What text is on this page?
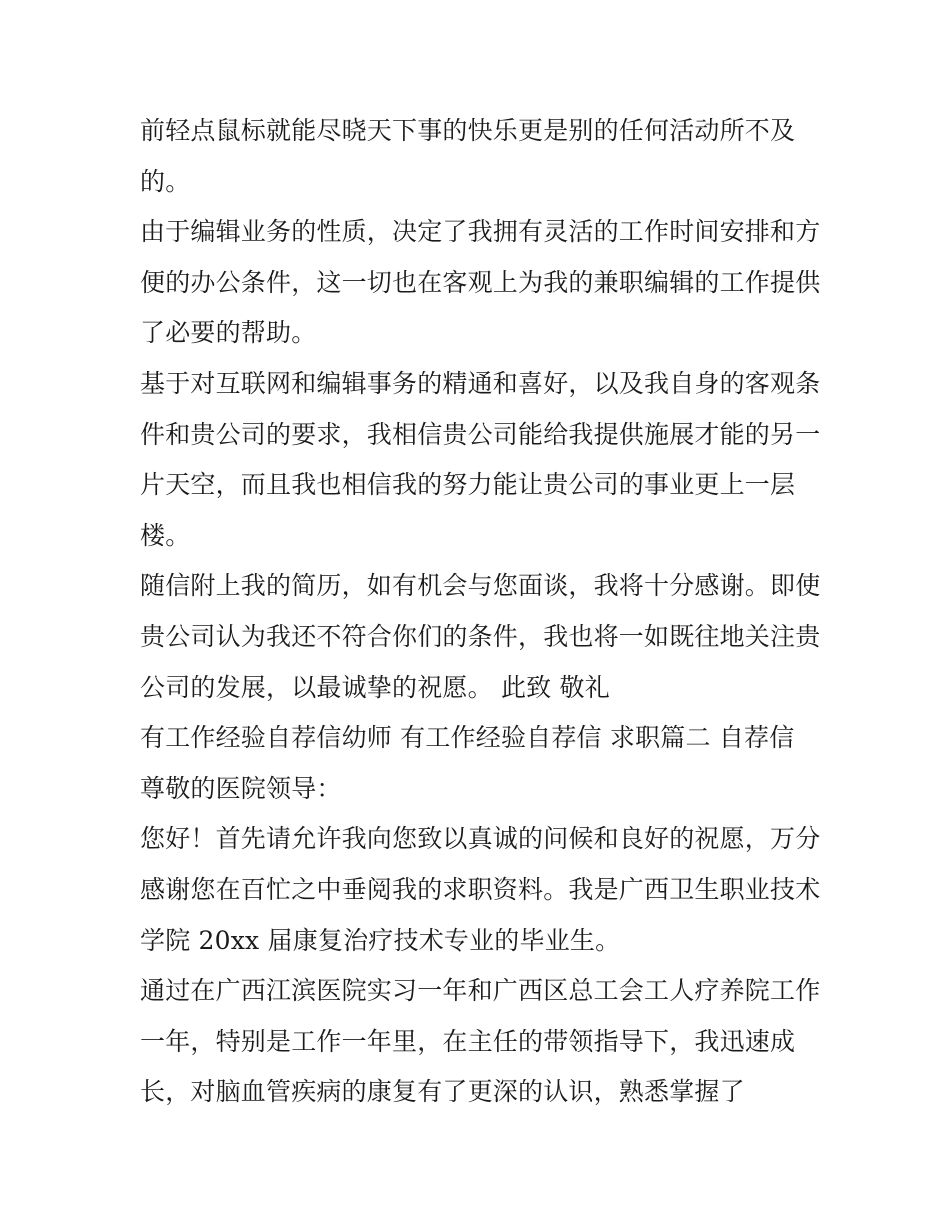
前轻点鼠标就能尽晓天下事的快乐更是别的任何活动所不及
的。
由于编辑业务的性质，决定了我拥有灵活的工作时间安排和方
便的办公条件，这一切也在客观上为我的兼职编辑的工作提供
了必要的帮助。
基于对互联网和编辑事务的精通和喜好，以及我自身的客观条
件和贵公司的要求，我相信贵公司能给我提供施展才能的另一
片天空，而且我也相信我的努力能让贵公司的事业更上一层
楼。
随信附上我的简历，如有机会与您面谈，我将十分感谢。即使
贵公司认为我还不符合你们的条件，我也将一如既往地关注贵
公司的发展，以最诚挚的祝愿。 此致 敬礼
有工作经验自荐信幼师 有工作经验自荐信 求职篇二 自荐信
尊敬的医院领导：
您好！首先请允许我向您致以真诚的问候和良好的祝愿，万分
感谢您在百忙之中垂阅我的求职资料。我是广西卫生职业技术
学院 20xx 届康复治疗技术专业的毕业生。
通过在广西江滨医院实习一年和广西区总工会工人疗养院工作
一年，特别是工作一年里，在主任的带领指导下，我迅速成
长，对脑血管疾病的康复有了更深的认识，熟悉掌握了
